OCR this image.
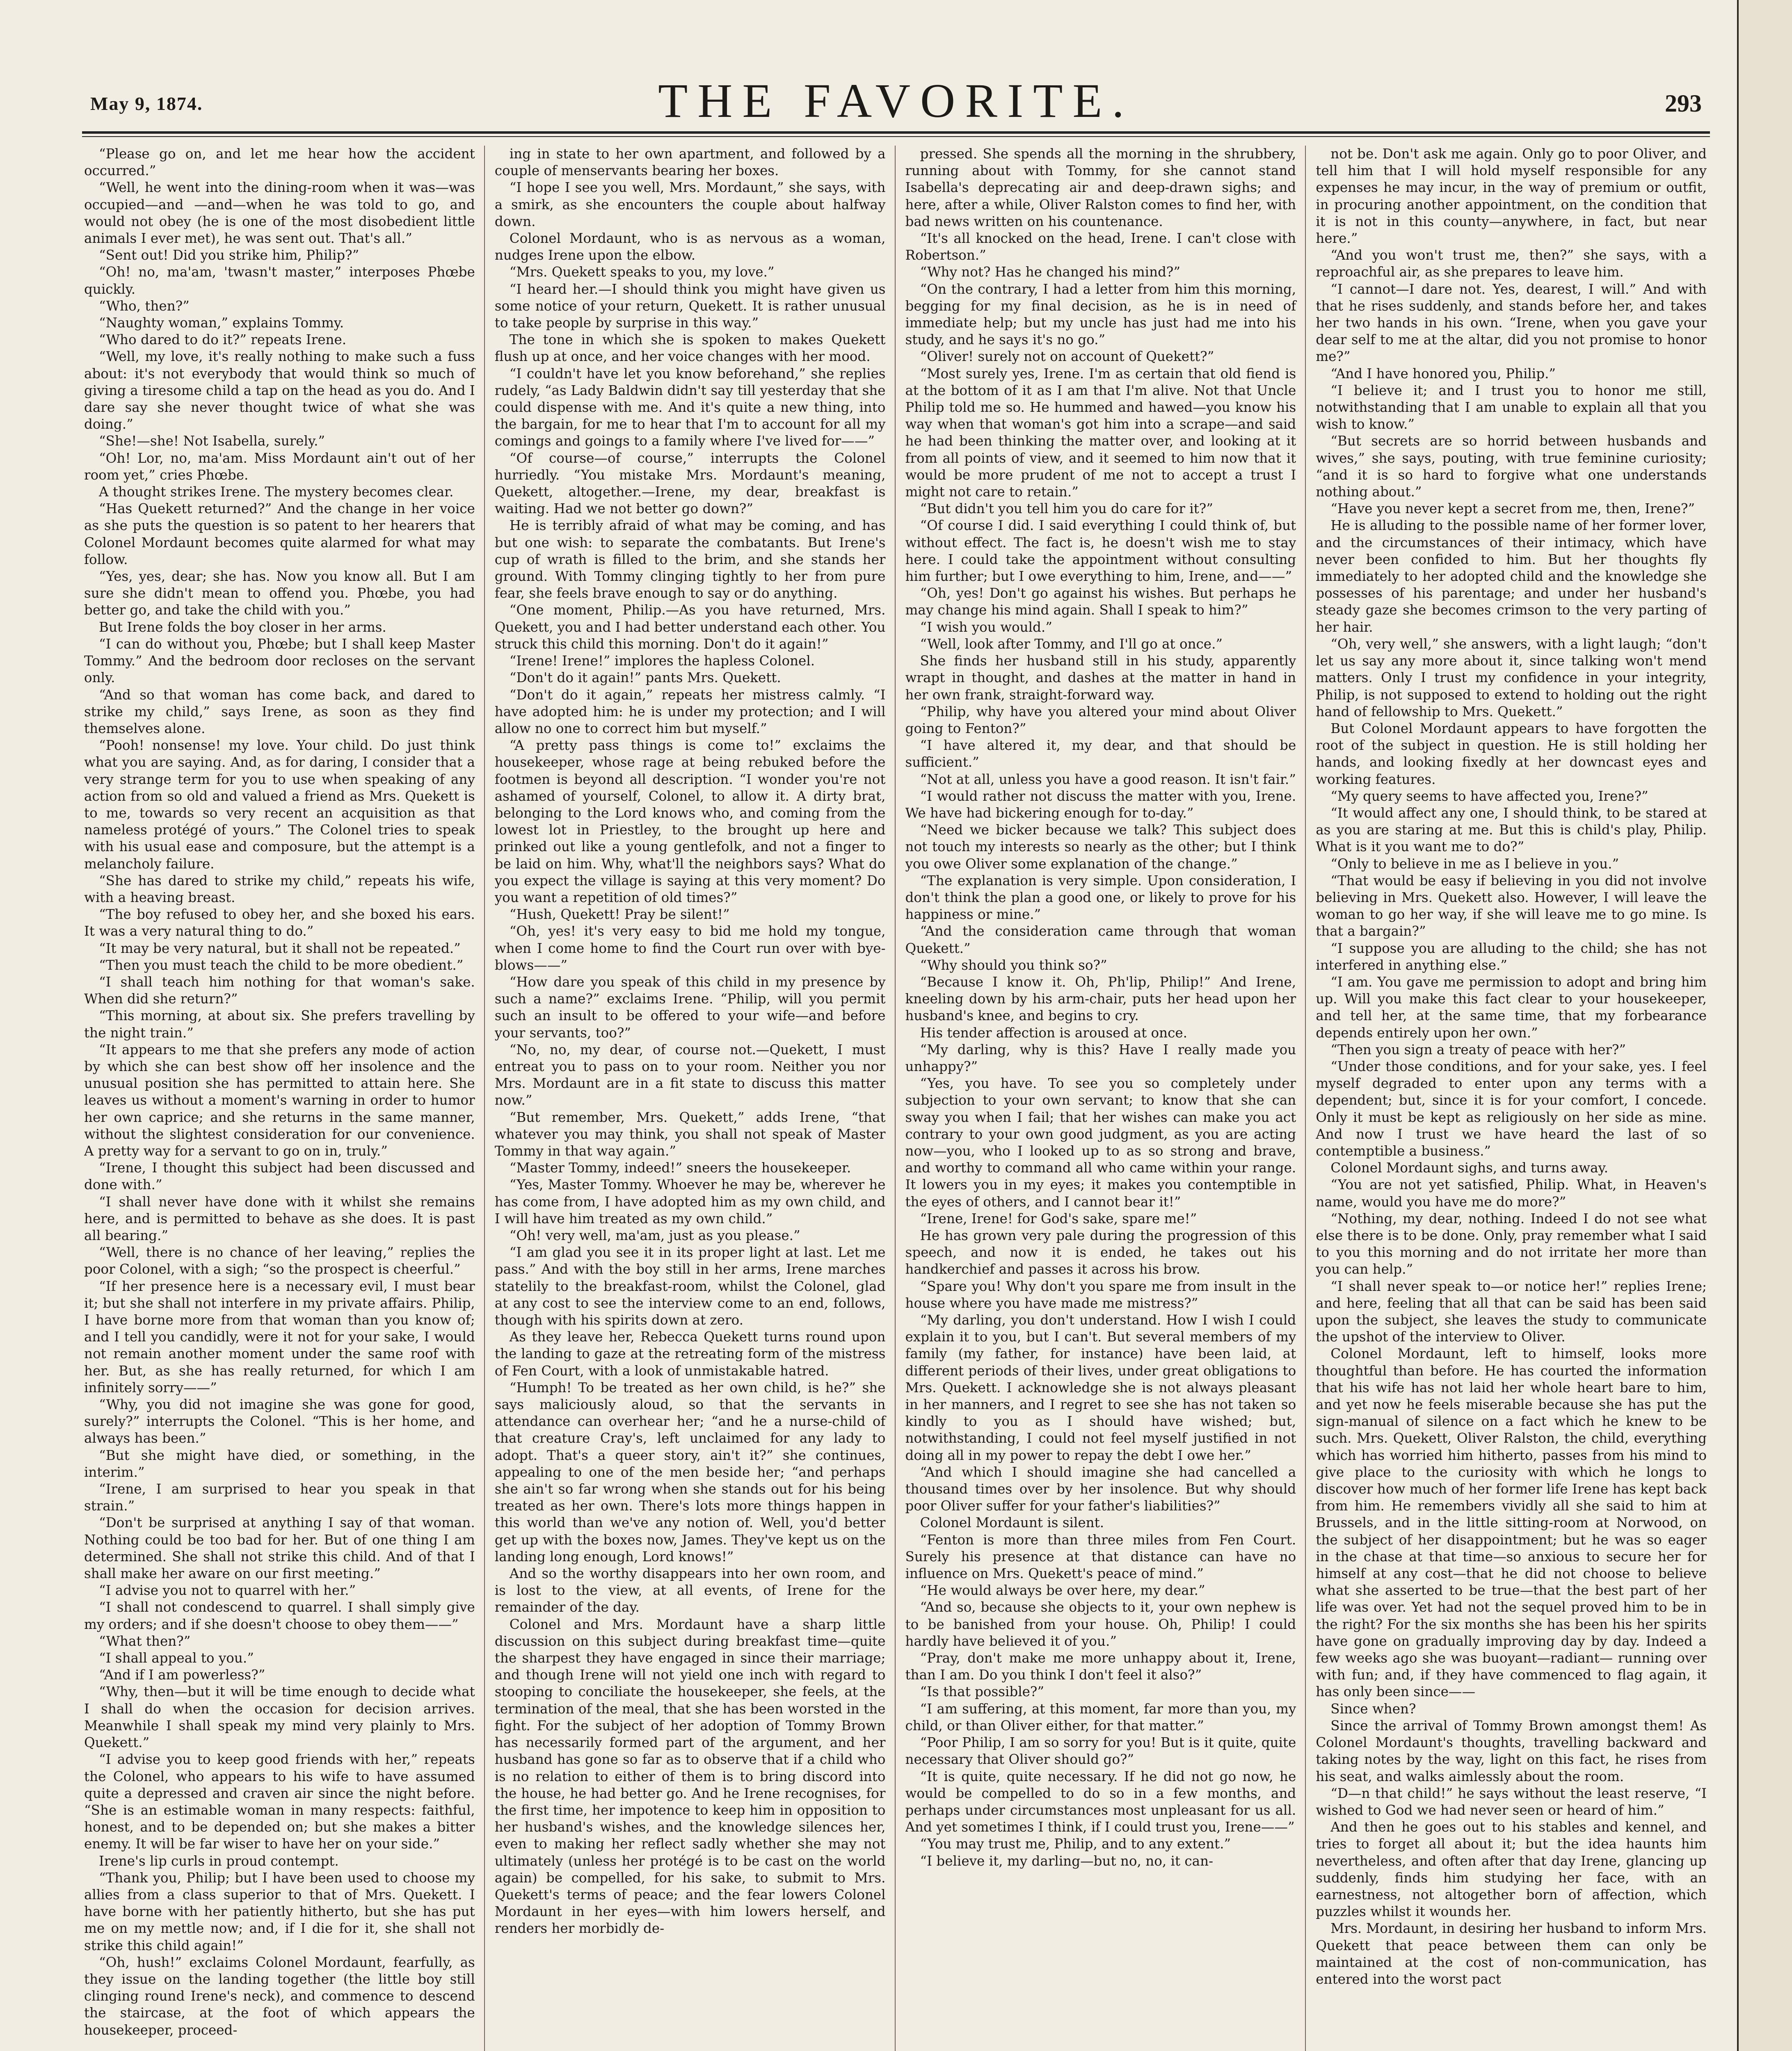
May 9, 1874.	THE FAVORITE.	293

“Please go on, and let me hear how the accident occurred.”

“Well, he went into the dining-room when it was—was occupied—and —and—when he was told to go, and would not obey (he is one of the most disobedient little animals I ever met), he was sent out. That's all.”

“Sent out! Did you strike him, Philip?”

“Oh! no, ma'am, 'twasn't master,” interposes Phœbe quickly.

“Who, then?”

“Naughty woman,” explains Tommy.

“Who dared to do it?” repeats Irene.

“Well, my love, it's really nothing to make such a fuss about: it's not everybody that would think so much of giving a tiresome child a tap on the head as you do. And I dare say she never thought twice of what she was doing.”

“She!—she! Not Isabella, surely.”

“Oh! Lor, no, ma'am. Miss Mordaunt ain't out of her room yet,” cries Phœbe.

A thought strikes Irene. The mystery becomes clear.

“Has Quekett returned?” And the change in her voice as she puts the question is so patent to her hearers that Colonel Mordaunt becomes quite alarmed for what may follow.

“Yes, yes, dear; she has. Now you know all. But I am sure she didn't mean to offend you. Phœbe, you had better go, and take the child with you.”

But Irene folds the boy closer in her arms.

“I can do without you, Phœbe; but I shall keep Master Tommy.” And the bedroom door recloses on the servant only.

“And so that woman has come back, and dared to strike my child,” says Irene, as soon as they find themselves alone.

“Pooh! nonsense! my love. Your child. Do just think what you are saying. And, as for daring, I consider that a very strange term for you to use when speaking of any action from so old and valued a friend as Mrs. Quekett is to me, towards so very recent an acquisition as that nameless protégé of yours.” The Colonel tries to speak with his usual ease and composure, but the attempt is a melancholy failure.

“She has dared to strike my child,” repeats his wife, with a heaving breast.

“The boy refused to obey her, and she boxed his ears. It was a very natural thing to do.”

“It may be very natural, but it shall not be repeated.”

“Then you must teach the child to be more obedient.”

“I shall teach him nothing for that woman's sake. When did she return?”

“This morning, at about six. She prefers travelling by the night train.”

“It appears to me that she prefers any mode of action by which she can best show off her insolence and the unusual position she has permitted to attain here. She leaves us without a moment's warning in order to humor her own caprice; and she returns in the same manner, without the slightest consideration for our convenience. A pretty way for a servant to go on in, truly.”

“Irene, I thought this subject had been discussed and done with.”

“I shall never have done with it whilst she remains here, and is permitted to behave as she does. It is past all bearing.”

“Well, there is no chance of her leaving,” replies the poor Colonel, with a sigh; “so the prospect is cheerful.”

“If her presence here is a necessary evil, I must bear it; but she shall not interfere in my private affairs. Philip, I have borne more from that woman than you know of; and I tell you candidly, were it not for your sake, I would not remain another moment under the same roof with her. But, as she has really returned, for which I am infinitely sorry——”

“Why, you did not imagine she was gone for good, surely?” interrupts the Colonel. “This is her home, and always has been.”

“But she might have died, or something, in the interim.”

“Irene, I am surprised to hear you speak in that strain.”

“Don't be surprised at anything I say of that woman. Nothing could be too bad for her. But of one thing I am determined. She shall not strike this child. And of that I shall make her aware on our first meeting.”

“I advise you not to quarrel with her.”

“I shall not condescend to quarrel. I shall simply give my orders; and if she doesn't choose to obey them——”

“What then?”

“I shall appeal to you.”

“And if I am powerless?”

“Why, then—but it will be time enough to decide what I shall do when the occasion for decision arrives. Meanwhile I shall speak my mind very plainly to Mrs. Quekett.”

“I advise you to keep good friends with her,” repeats the Colonel, who appears to his wife to have assumed quite a depressed and craven air since the night before. “She is an estimable woman in many respects: faithful, honest, and to be depended on; but she makes a bitter enemy. It will be far wiser to have her on your side.”

Irene's lip curls in proud contempt.

“Thank you, Philip; but I have been used to choose my allies from a class superior to that of Mrs. Quekett. I have borne with her patiently hitherto, but she has put me on my mettle now; and, if I die for it, she shall not strike this child again!”

“Oh, hush!” exclaims Colonel Mordaunt, fearfully, as they issue on the landing together (the little boy still clinging round Irene's neck), and commence to descend the staircase, at the foot of which appears the housekeeper, proceed-

ing in state to her own apartment, and followed by a couple of menservants bearing her boxes.

“I hope I see you well, Mrs. Mordaunt,” she says, with a smirk, as she encounters the couple about halfway down.

Colonel Mordaunt, who is as nervous as a woman, nudges Irene upon the elbow.

“Mrs. Quekett speaks to you, my love.”

“I heard her.—I should think you might have given us some notice of your return, Quekett. It is rather unusual to take people by surprise in this way.”

The tone in which she is spoken to makes Quekett flush up at once, and her voice changes with her mood.

“I couldn't have let you know beforehand,” she replies rudely, “as Lady Baldwin didn't say till yesterday that she could dispense with me. And it's quite a new thing, into the bargain, for me to hear that I'm to account for all my comings and goings to a family where I've lived for——”

“Of course—of course,” interrupts the Colonel hurriedly. “You mistake Mrs. Mordaunt's meaning, Quekett, altogether.—Irene, my dear, breakfast is waiting. Had we not better go down?”

He is terribly afraid of what may be coming, and has but one wish: to separate the combatants. But Irene's cup of wrath is filled to the brim, and she stands her ground. With Tommy clinging tightly to her from pure fear, she feels brave enough to say or do anything.

“One moment, Philip.—As you have returned, Mrs. Quekett, you and I had better understand each other. You struck this child this morning. Don't do it again!”

“Irene! Irene!” implores the hapless Colonel.

“Don't do it again!” pants Mrs. Quekett.

“Don't do it again,” repeats her mistress calmly. “I have adopted him: he is under my protection; and I will allow no one to correct him but myself.”

“A pretty pass things is come to!” exclaims the housekeeper, whose rage at being rebuked before the footmen is beyond all description. “I wonder you're not ashamed of yourself, Colonel, to allow it. A dirty brat, belonging to the Lord knows who, and coming from the lowest lot in Priestley, to the brought up here and prinked out like a young gentlefolk, and not a finger to be laid on him. Why, what'll the neighbors says? What do you expect the village is saying at this very moment? Do you want a repetition of old times?”

“Hush, Quekett! Pray be silent!”

“Oh, yes! it's very easy to bid me hold my tongue, when I come home to find the Court run over with bye-blows——”

“How dare you speak of this child in my presence by such a name?” exclaims Irene. “Philip, will you permit such an insult to be offered to your wife—and before your servants, too?”

“No, no, my dear, of course not.—Quekett, I must entreat you to pass on to your room. Neither you nor Mrs. Mordaunt are in a fit state to discuss this matter now.”

“But remember, Mrs. Quekett,” adds Irene, “that whatever you may think, you shall not speak of Master Tommy in that way again.”

“Master Tommy, indeed!” sneers the housekeeper.

“Yes, Master Tommy. Whoever he may be, wherever he has come from, I have adopted him as my own child, and I will have him treated as my own child.”

“Oh! very well, ma'am, just as you please.”

“I am glad you see it in its proper light at last. Let me pass.” And with the boy still in her arms, Irene marches statelily to the breakfast-room, whilst the Colonel, glad at any cost to see the interview come to an end, follows, though with his spirits down at zero.

As they leave her, Rebecca Quekett turns round upon the landing to gaze at the retreating form of the mistress of Fen Court, with a look of unmistakable hatred.

“Humph! To be treated as her own child, is he?” she says maliciously aloud, so that the servants in attendance can overhear her; “and he a nurse-child of that creature Cray's, left unclaimed for any lady to adopt. That's a queer story, ain't it?” she continues, appealing to one of the men beside her; “and perhaps she ain't so far wrong when she stands out for his being treated as her own. There's lots more things happen in this world than we've any notion of. Well, you'd better get up with the boxes now, James. They've kept us on the landing long enough, Lord knows!”

And so the worthy disappears into her own room, and is lost to the view, at all events, of Irene for the remainder of the day.

Colonel and Mrs. Mordaunt have a sharp little discussion on this subject during breakfast time—quite the sharpest they have engaged in since their marriage; and though Irene will not yield one inch with regard to stooping to conciliate the housekeeper, she feels, at the termination of the meal, that she has been worsted in the fight. For the subject of her adoption of Tommy Brown has necessarily formed part of the argument, and her husband has gone so far as to observe that if a child who is no relation to either of them is to bring discord into the house, he had better go. And he Irene recognises, for the first time, her impotence to keep him in opposition to her husband's wishes, and the knowledge silences her, even to making her reflect sadly whether she may not ultimately (unless her protégé is to be cast on the world again) be compelled, for his sake, to submit to Mrs. Quekett's terms of peace; and the fear lowers Colonel Mordaunt in her eyes—with him lowers herself, and renders her morbidly de-

pressed. She spends all the morning in the shrubbery, running about with Tommy, for she cannot stand Isabella's deprecating air and deep-drawn sighs; and here, after a while, Oliver Ralston comes to find her, with bad news written on his countenance.

“It's all knocked on the head, Irene. I can't close with Robertson.”

“Why not? Has he changed his mind?”

“On the contrary, I had a letter from him this morning, begging for my final decision, as he is in need of immediate help; but my uncle has just had me into his study, and he says it's no go.”

“Oliver! surely not on account of Quekett?”

“Most surely yes, Irene. I'm as certain that old fiend is at the bottom of it as I am that I'm alive. Not that Uncle Philip told me so. He hummed and hawed—you know his way when that woman's got him into a scrape—and said he had been thinking the matter over, and looking at it from all points of view, and it seemed to him now that it would be more prudent of me not to accept a trust I might not care to retain.”

“But didn't you tell him you do care for it?”

“Of course I did. I said everything I could think of, but without effect. The fact is, he doesn't wish me to stay here. I could take the appointment without consulting him further; but I owe everything to him, Irene, and——”

“Oh, yes! Don't go against his wishes. But perhaps he may change his mind again. Shall I speak to him?”

“I wish you would.”

“Well, look after Tommy, and I'll go at once.”

She finds her husband still in his study, apparently wrapt in thought, and dashes at the matter in hand in her own frank, straight-forward way.

“Philip, why have you altered your mind about Oliver going to Fenton?”

“I have altered it, my dear, and that should be sufficient.”

“Not at all, unless you have a good reason. It isn't fair.”

“I would rather not discuss the matter with you, Irene. We have had bickering enough for to-day.”

“Need we bicker because we talk? This subject does not touch my interests so nearly as the other; but I think you owe Oliver some explanation of the change.”

“The explanation is very simple. Upon consideration, I don't think the plan a good one, or likely to prove for his happiness or mine.”

“And the consideration came through that woman Quekett.”

“Why should you think so?”

“Because I know it. Oh, Ph'lip, Philip!” And Irene, kneeling down by his arm-chair, puts her head upon her husband's knee, and begins to cry.

His tender affection is aroused at once.

“My darling, why is this? Have I really made you unhappy?”

“Yes, you have. To see you so completely under subjection to your own servant; to know that she can sway you when I fail; that her wishes can make you act contrary to your own good judgment, as you are acting now—you, who I looked up to as so strong and brave, and worthy to command all who came within your range. It lowers you in my eyes; it makes you contemptible in the eyes of others, and I cannot bear it!”

“Irene, Irene! for God's sake, spare me!”

He has grown very pale during the progression of this speech, and now it is ended, he takes out his handkerchief and passes it across his brow.

“Spare you! Why don't you spare me from insult in the house where you have made me mistress?”

“My darling, you don't understand. How I wish I could explain it to you, but I can't. But several members of my family (my father, for instance) have been laid, at different periods of their lives, under great obligations to Mrs. Quekett. I acknowledge she is not always pleasant in her manners, and I regret to see she has not taken so kindly to you as I should have wished; but, notwithstanding, I could not feel myself justified in not doing all in my power to repay the debt I owe her.”

“And which I should imagine she had cancelled a thousand times over by her insolence. But why should poor Oliver suffer for your father's liabilities?”

Colonel Mordaunt is silent.

“Fenton is more than three miles from Fen Court. Surely his presence at that distance can have no influence on Mrs. Quekett's peace of mind.”

“He would always be over here, my dear.”

“And so, because she objects to it, your own nephew is to be banished from your house. Oh, Philip! I could hardly have believed it of you.”

“Pray, don't make me more unhappy about it, Irene, than I am. Do you think I don't feel it also?”

“Is that possible?”

“I am suffering, at this moment, far more than you, my child, or than Oliver either, for that matter.”

“Poor Philip, I am so sorry for you! But is it quite, quite necessary that Oliver should go?”

“It is quite, quite necessary. If he did not go now, he would be compelled to do so in a few months, and perhaps under circumstances most unpleasant for us all. And yet sometimes I think, if I could trust you, Irene——”

“You may trust me, Philip, and to any extent.”

“I believe it, my darling—but no, no, it can-

not be. Don't ask me again. Only go to poor Oliver, and tell him that I will hold myself responsible for any expenses he may incur, in the way of premium or outfit, in procuring another appointment, on the condition that it is not in this county—anywhere, in fact, but near here.”

“And you won't trust me, then?” she says, with a reproachful air, as she prepares to leave him.

“I cannot—I dare not. Yes, dearest, I will.” And with that he rises suddenly, and stands before her, and takes her two hands in his own. “Irene, when you gave your dear self to me at the altar, did you not promise to honor me?”

“And I have honored you, Philip.”

“I believe it; and I trust you to honor me still, notwithstanding that I am unable to explain all that you wish to know.”

“But secrets are so horrid between husbands and wives,” she says, pouting, with true feminine curiosity; “and it is so hard to forgive what one understands nothing about.”

“Have you never kept a secret from me, then, Irene?”

He is alluding to the possible name of her former lover, and the circumstances of their intimacy, which have never been confided to him. But her thoughts fly immediately to her adopted child and the knowledge she possesses of his parentage; and under her husband's steady gaze she becomes crimson to the very parting of her hair.

“Oh, very well,” she answers, with a light laugh; “don't let us say any more about it, since talking won't mend matters. Only I trust my confidence in your integrity, Philip, is not supposed to extend to holding out the right hand of fellowship to Mrs. Quekett.”

But Colonel Mordaunt appears to have forgotten the root of the subject in question. He is still holding her hands, and looking fixedly at her downcast eyes and working features.

“My query seems to have affected you, Irene?”

“It would affect any one, I should think, to be stared at as you are staring at me. But this is child's play, Philip. What is it you want me to do?”

“Only to believe in me as I believe in you.”

“That would be easy if believing in you did not involve believing in Mrs. Quekett also. However, I will leave the woman to go her way, if she will leave me to go mine. Is that a bargain?”

“I suppose you are alluding to the child; she has not interfered in anything else.”

“I am. You gave me permission to adopt and bring him up. Will you make this fact clear to your housekeeper, and tell her, at the same time, that my forbearance depends entirely upon her own.”

“Then you sign a treaty of peace with her?”

“Under those conditions, and for your sake, yes. I feel myself degraded to enter upon any terms with a dependent; but, since it is for your comfort, I concede. Only it must be kept as religiously on her side as mine. And now I trust we have heard the last of so contemptible a business.”

Colonel Mordaunt sighs, and turns away.

“You are not yet satisfied, Philip. What, in Heaven's name, would you have me do more?”

“Nothing, my dear, nothing. Indeed I do not see what else there is to be done. Only, pray remember what I said to you this morning and do not irritate her more than you can help.”

“I shall never speak to—or notice her!” replies Irene; and here, feeling that all that can be said has been said upon the subject, she leaves the study to communicate the upshot of the interview to Oliver.

Colonel Mordaunt, left to himself, looks more thoughtful than before. He has courted the information that his wife has not laid her whole heart bare to him, and yet now he feels miserable because she has put the sign-manual of silence on a fact which he knew to be such. Mrs. Quekett, Oliver Ralston, the child, everything which has worried him hitherto, passes from his mind to give place to the curiosity with which he longs to discover how much of her former life Irene has kept back from him. He remembers vividly all she said to him at Brussels, and in the little sitting-room at Norwood, on the subject of her disappointment; but he was so eager in the chase at that time—so anxious to secure her for himself at any cost—that he did not choose to believe what she asserted to be true—that the best part of her life was over. Yet had not the sequel proved him to be in the right? For the six months she has been his her spirits have gone on gradually improving day by day. Indeed a few weeks ago she was buoyant—radiant— running over with fun; and, if they have commenced to flag again, it has only been since——

Since when?

Since the arrival of Tommy Brown amongst them! As Colonel Mordaunt's thoughts, travelling backward and taking notes by the way, light on this fact, he rises from his seat, and walks aimlessly about the room.

“D—n that child!” he says without the least reserve, “I wished to God we had never seen or heard of him.”

And then he goes out to his stables and kennel, and tries to forget all about it; but the idea haunts him nevertheless, and often after that day Irene, glancing up suddenly, finds him studying her face, with an earnestness, not altogether born of affection, which puzzles whilst it wounds her.

Mrs. Mordaunt, in desiring her husband to inform Mrs. Quekett that peace between them can only be maintained at the cost of non-communication, has entered into the worst pact
